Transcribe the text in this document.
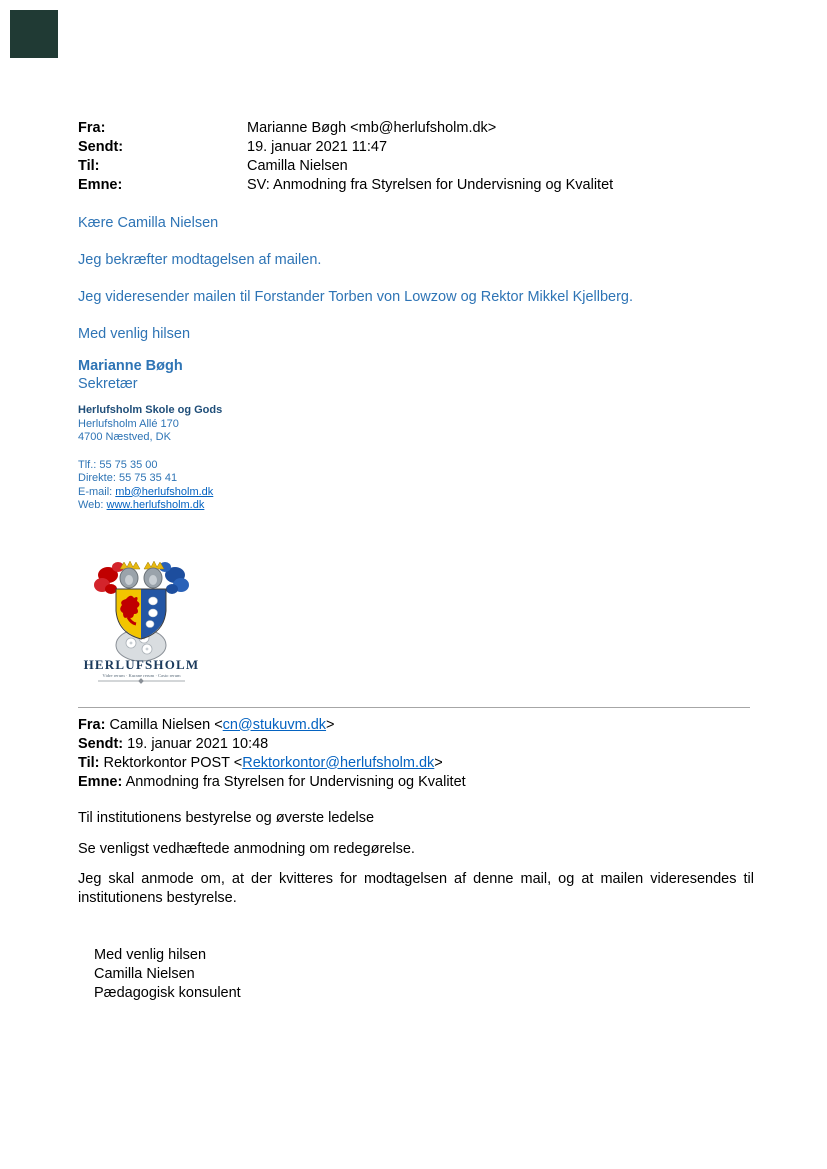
Fra:	Marianne Bøgh <mb@herlufsholm.dk>
Sendt:	19. januar 2021 11:47
Til:	Camilla Nielsen
Emne:	SV: Anmodning fra Styrelsen for Undervisning og Kvalitet

Kære Camilla Nielsen

Jeg bekræfter modtagelsen af mailen.

Jeg videresender mailen til Forstander Torben von Lowzow og Rektor Mikkel Kjellberg.

Med venlig hilsen

Marianne Bøgh

Sekretær

Herlufsholm Skole og Gods
Herlufsholm Allé 170
4700 Næstved, DK
Tlf.: 55 75 35 00
Direkte: 55 75 35 41
E-mail: mb@herlufsholm.dk
Web: www.herlufsholm.dk
HERLUFSHOLM
Vidre rerum · Kurane rerum · Casto rerum

Fra: Camilla Nielsen <cn@stukuvm.dk>

Sendt: 19. januar 2021 10:48

Til: Rektorkontor POST <Rektorkontor@herlufsholm.dk>

Emne: Anmodning fra Styrelsen for Undervisning og Kvalitet

Til institutionens bestyrelse og øverste ledelse

Se venligst vedhæftede anmodning om redegørelse.

Jeg skal anmode om, at der kvitteres for modtagelsen af denne mail, og at mailen videresendes til institutionens bestyrelse.

Med venlig hilsen
Camilla Nielsen
Pædagogisk konsulent
